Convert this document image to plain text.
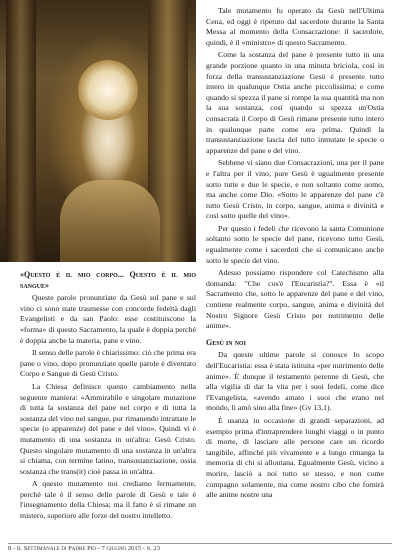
«Questo è il mio corpo... Questo è il mio sangue»

Queste parole pronunziate da Gesù sul pane e sul vino ci sono state trasmesse con concorde fedeltà dagli Evangelisti e da san Paolo: esse costituiscono la «forma» di questo Sacramento, la quale è doppia perché è doppia anche la materia, pane e vino.

Il senso delle parole è chiarissimo: ciò che prima era pane o vino, dopo pronunziate quelle parole è diventato Corpo e Sangue di Gesù Cristo.

La Chiesa definisce questo cambiamento nella seguente maniera: «Ammirabile e singolare mutazione di tutta la sostanza del pane nel corpo e di tutta la sostanza del vino nel sangue, pur rimanendo intrattate le specie (o apparenze) del pane e del vino». Quindi vi è mutamento di una sostanza in un'altra: Gesù Cristo. Questo singolare mutamento di una sostanza in un'altra si chiama, con termine latino, transustanziazione, ossia sostanza che trans(it) cioè passa in un'altra.

A questo mutamento noi crediamo fermamente, perché tale è il senso delle parole di Gesù e tale è l'insegnamento della Chiesa; ma il fatto è sì rimane un mistero, superiore alle forze del nostro intelletto.

Tale mutamento fu operato da Gesù nell'Ultima Cena, ed oggi è ripetuto dal sacerdote durante la Santa Messa al momento della Consacrazione: il sacerdote, quindi, è il «ministro» di questo Sacramento.

Come la sostanza del pane è presente tutto in una grande porzione quanto in una minuta briciola, così in forza della transustanziazione Gesù è presente tutto intero in qualunque Ostia anche piccolissima; e come quando si spezza il pane si rompe la sua quantità ma non la sua sostanza, così quando si spezza un'Ostia consacrata il Corpo di Gesù rimane presente tutto intero in qualunque parte come era prima. Quindi la transustanziazione lascia del tutto inmutate le specie o apparenze del pane e del vino.

Sebbene vi siano due Consacrazioni, una per il pane e l'altra per il vino, pure Gesù è ugualmente presente sotto tutte e due le specie, e non soltanto come uomo, ma anche come Dio. «Sotto le apparenze del pane c'è tutto Gesù Cristo, in corpo, sangue, anima e divinità e così sotto quelle del vino».

Per questo i fedeli che ricevono la santa Comunione soltanto sotto le specie del pane, ricevono tutto Gesù, egualmente come i sacerdoti che si comunicano anche sotto le specie del vino.

Adesso possiamo rispondere col Catechismo alla domanda: "Che cos'è l'Eucaristia?". Essa è «il Sacramento che, sotto le apparenze del pane e del vino, contiene realmente corpo, sangue, anima e divinità del Nostro Signore Gesù Cristo per nutrimento delle anime».

Gesù in noi

Da queste ultime parole si conosce lo scopo dell'Eucaristia: essa è stata istituita «per nutrimento delle anime». È dunque il testamento perenne di Gesù, che alla vigilia di dar la vita per i suoi fedeli, come dice l'Evangelista, «avendo amato i suoi che erano nel mondo, li amò sino alla fine» (Gv 13,1).

È usanza in occasione di grandi separazioni, ad esempio prima d'intraprendere lunghi viaggi o in punto di morte, di lasciare alle persone care un ricordo tangibile, affinché più vivamente e a lungo rimanga la memoria di chi si allontana. Egualmente Gesù, vicino a morire, lasciò a noi tutto se stesso, e non come compagno solamente, ma come nostro cibo che fornirà alle anime nostre una

8 - Il Settimanale di Padre Pio - 7 giugno 2015 - n. 23
